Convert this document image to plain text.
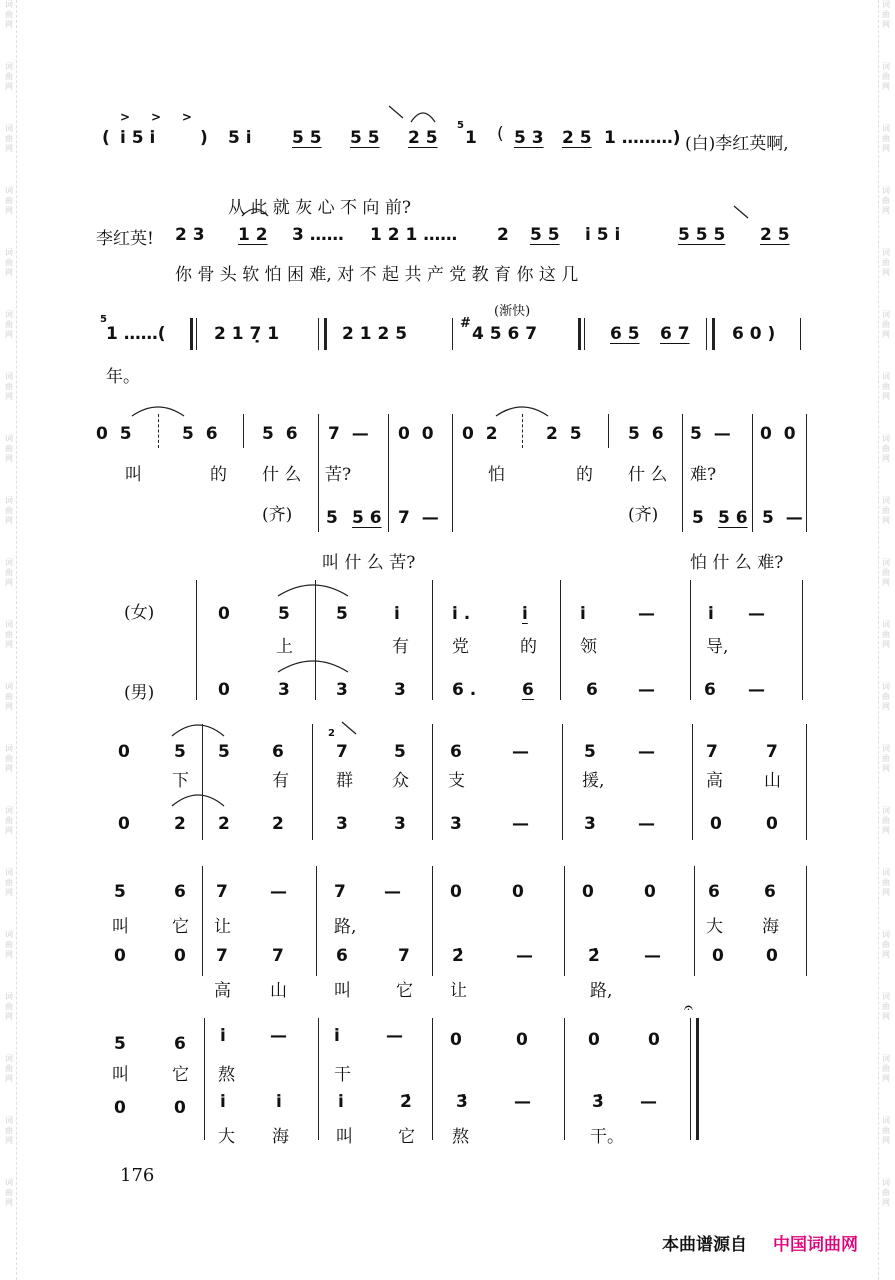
词
曲
网
词
曲
网
词
曲
网
词
曲
网
词
曲
网
词
曲
网
词
曲
网
词
曲
网
词
曲
网
词
曲
网
词
曲
网
词
曲
网
词
曲
网
词
曲
网
词
曲
网
词
曲
网
词
曲
网
词
曲
网
词
曲
网
词
曲
网
词
曲
网
词
曲
网
词
曲
网
词
曲
网
词
曲
网
词
曲
网
词
曲
网
词
曲
网
词
曲
网
词
曲
网
词
曲
网
词
曲
网
词
曲
网
词
曲
网
词
曲
网
词
曲
网
词
曲
网
词
曲
网
词
曲
网
词
曲
网
(
>     >     >
i̇ 5 i̇	) 5 i̇ 5 5 5 5 2 5
5
1 ( 5 3 2 5 1 ………) (白)李红英啊,
从 此 就 灰 心 不 向 前?
李红英! 2 3 1 2 3 …… 1 2 1 …… 2 5 5 i̇ 5 i̇	5 5 5 2 5
你 骨 头 软 怕 困 难, 对 不 起 共 产 党 教 育 你 这 几
5
1 ……(	2 1 7̣ 1	2 1 2 5
(渐快)
#
4 5 6 7	6 5 6 7 6 0 )
年。
0 5	5 6	5 6 7 — 0 0 0 2	2 5	5 6 5 — 0 0
叫	的 什 么 苦?	怕	的 什 么 难?
(齐) 5 5 6 7 —	(齐) 5 5 6 5 —
叫 什 么 苦?	怕 什 么 难?
(女)
(男)
0	5	5	i̇	i̇ .	i̇	i̇	—	i̇ —
上	有	党	的	领	导,
0	3	3	3	6 .	6	6 —	6 —
0	5 5 6
2
7	5	6	—	5 —	7	7
下	有	群 众 支	援,	高 山
0	2 2 2	3	3	3	—	3 —	0	0
5	6 7 —	7 —	0	0	0	0	6	6
叫	它 让	路,	大 海
0	0 7	7	6	7 2̇	—	2̇	—	0 0
高 山	叫	它 让	路,
5	6 i̇	—	i̇	—	0	0	0	0
𝄐
叫	它 熬	干
0	0 i̇	i̇	i̇	2̇	3̇	—	3̇ —
大 海	叫	它 熬	干。
176
本曲谱源自 中国词曲网
